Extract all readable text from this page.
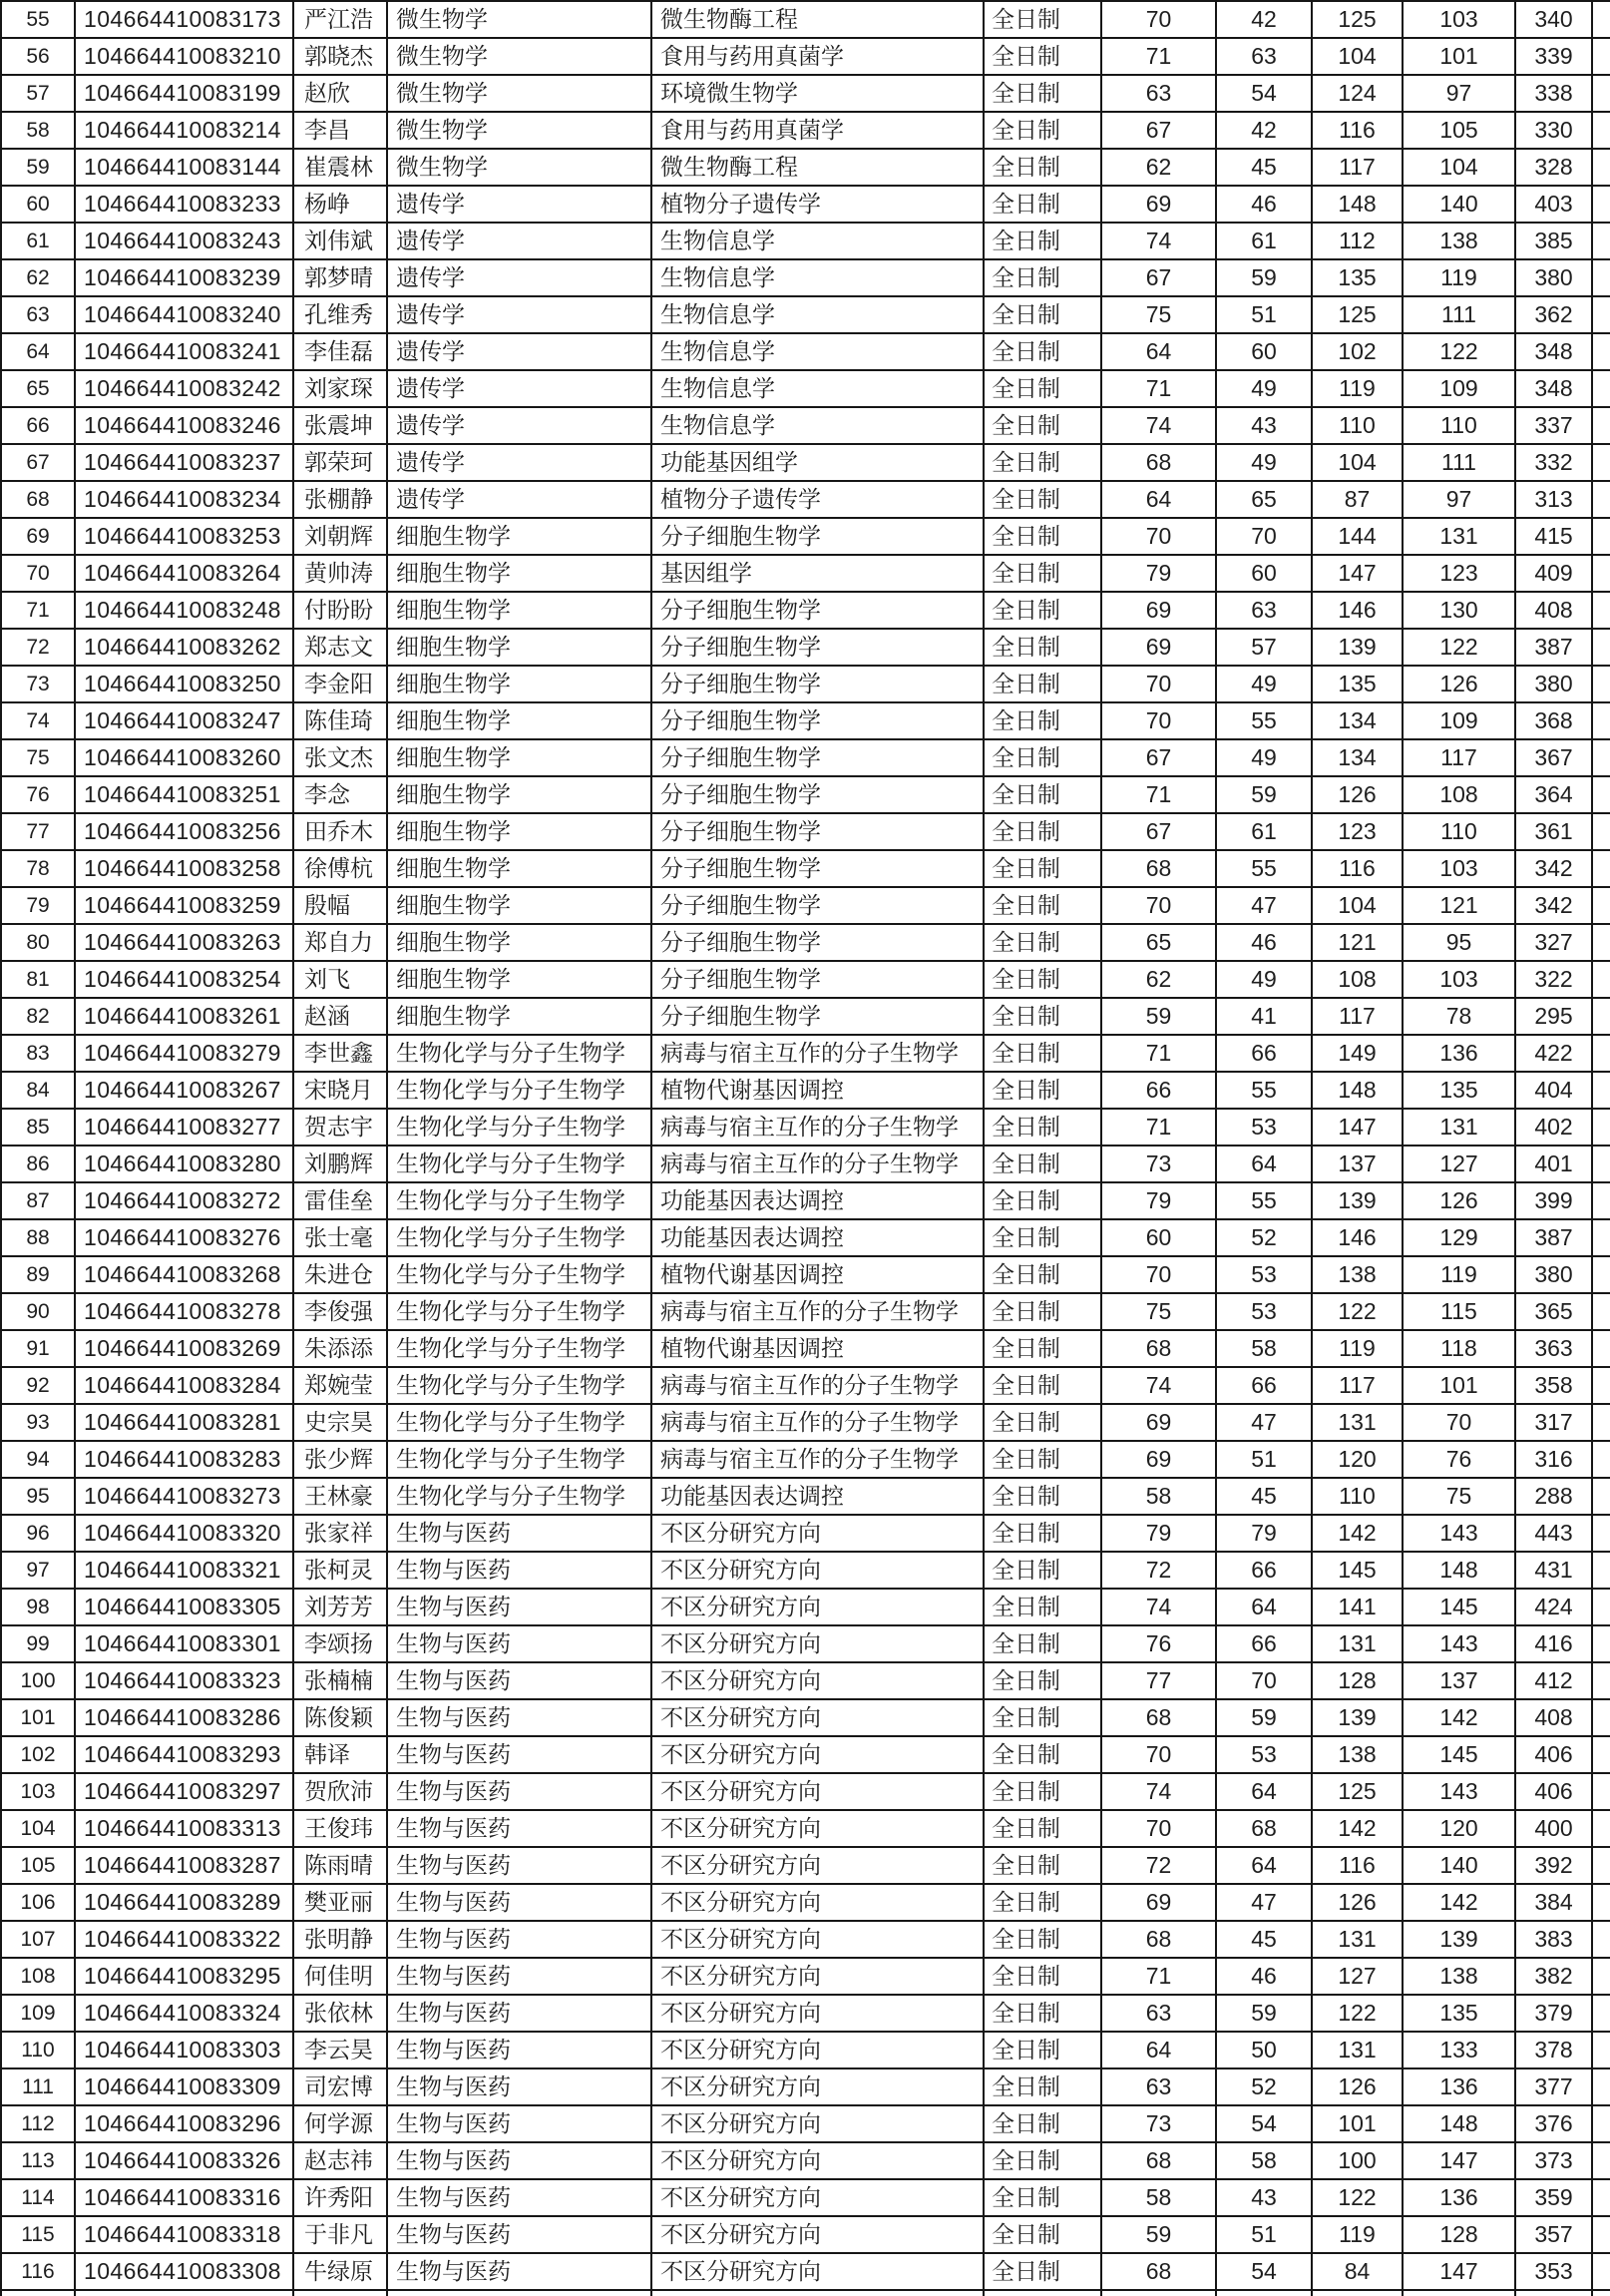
55	104664410083173	严江浩	微生物学	微生物酶工程	全日制	70	42	125	103	340	
56	104664410083210	郭晓杰	微生物学	食用与药用真菌学	全日制	71	63	104	101	339	
57	104664410083199	赵欣	微生物学	环境微生物学	全日制	63	54	124	97	338	
58	104664410083214	李昌	微生物学	食用与药用真菌学	全日制	67	42	116	105	330	
59	104664410083144	崔震林	微生物学	微生物酶工程	全日制	62	45	117	104	328	
60	104664410083233	杨峥	遗传学	植物分子遗传学	全日制	69	46	148	140	403	
61	104664410083243	刘伟斌	遗传学	生物信息学	全日制	74	61	112	138	385	
62	104664410083239	郭梦晴	遗传学	生物信息学	全日制	67	59	135	119	380	
63	104664410083240	孔维秀	遗传学	生物信息学	全日制	75	51	125	111	362	
64	104664410083241	李佳磊	遗传学	生物信息学	全日制	64	60	102	122	348	
65	104664410083242	刘家琛	遗传学	生物信息学	全日制	71	49	119	109	348	
66	104664410083246	张震坤	遗传学	生物信息学	全日制	74	43	110	110	337	
67	104664410083237	郭荣珂	遗传学	功能基因组学	全日制	68	49	104	111	332	
68	104664410083234	张棚静	遗传学	植物分子遗传学	全日制	64	65	87	97	313	
69	104664410083253	刘朝辉	细胞生物学	分子细胞生物学	全日制	70	70	144	131	415	
70	104664410083264	黄帅涛	细胞生物学	基因组学	全日制	79	60	147	123	409	
71	104664410083248	付盼盼	细胞生物学	分子细胞生物学	全日制	69	63	146	130	408	
72	104664410083262	郑志文	细胞生物学	分子细胞生物学	全日制	69	57	139	122	387	
73	104664410083250	李金阳	细胞生物学	分子细胞生物学	全日制	70	49	135	126	380	
74	104664410083247	陈佳琦	细胞生物学	分子细胞生物学	全日制	70	55	134	109	368	
75	104664410083260	张文杰	细胞生物学	分子细胞生物学	全日制	67	49	134	117	367	
76	104664410083251	李念	细胞生物学	分子细胞生物学	全日制	71	59	126	108	364	
77	104664410083256	田乔木	细胞生物学	分子细胞生物学	全日制	67	61	123	110	361	
78	104664410083258	徐傅杭	细胞生物学	分子细胞生物学	全日制	68	55	116	103	342	
79	104664410083259	殷幅	细胞生物学	分子细胞生物学	全日制	70	47	104	121	342	
80	104664410083263	郑自力	细胞生物学	分子细胞生物学	全日制	65	46	121	95	327	
81	104664410083254	刘飞	细胞生物学	分子细胞生物学	全日制	62	49	108	103	322	
82	104664410083261	赵涵	细胞生物学	分子细胞生物学	全日制	59	41	117	78	295	
83	104664410083279	李世鑫	生物化学与分子生物学	病毒与宿主互作的分子生物学	全日制	71	66	149	136	422	
84	104664410083267	宋晓月	生物化学与分子生物学	植物代谢基因调控	全日制	66	55	148	135	404	
85	104664410083277	贺志宇	生物化学与分子生物学	病毒与宿主互作的分子生物学	全日制	71	53	147	131	402	
86	104664410083280	刘鹏辉	生物化学与分子生物学	病毒与宿主互作的分子生物学	全日制	73	64	137	127	401	
87	104664410083272	雷佳垒	生物化学与分子生物学	功能基因表达调控	全日制	79	55	139	126	399	
88	104664410083276	张士毫	生物化学与分子生物学	功能基因表达调控	全日制	60	52	146	129	387	
89	104664410083268	朱进仓	生物化学与分子生物学	植物代谢基因调控	全日制	70	53	138	119	380	
90	104664410083278	李俊强	生物化学与分子生物学	病毒与宿主互作的分子生物学	全日制	75	53	122	115	365	
91	104664410083269	朱添添	生物化学与分子生物学	植物代谢基因调控	全日制	68	58	119	118	363	
92	104664410083284	郑婉莹	生物化学与分子生物学	病毒与宿主互作的分子生物学	全日制	74	66	117	101	358	
93	104664410083281	史宗昊	生物化学与分子生物学	病毒与宿主互作的分子生物学	全日制	69	47	131	70	317	
94	104664410083283	张少辉	生物化学与分子生物学	病毒与宿主互作的分子生物学	全日制	69	51	120	76	316	
95	104664410083273	王林豪	生物化学与分子生物学	功能基因表达调控	全日制	58	45	110	75	288	
96	104664410083320	张家祥	生物与医药	不区分研究方向	全日制	79	79	142	143	443	
97	104664410083321	张柯灵	生物与医药	不区分研究方向	全日制	72	66	145	148	431	
98	104664410083305	刘芳芳	生物与医药	不区分研究方向	全日制	74	64	141	145	424	
99	104664410083301	李颂扬	生物与医药	不区分研究方向	全日制	76	66	131	143	416	
100	104664410083323	张楠楠	生物与医药	不区分研究方向	全日制	77	70	128	137	412	
101	104664410083286	陈俊颖	生物与医药	不区分研究方向	全日制	68	59	139	142	408	
102	104664410083293	韩译	生物与医药	不区分研究方向	全日制	70	53	138	145	406	
103	104664410083297	贺欣沛	生物与医药	不区分研究方向	全日制	74	64	125	143	406	
104	104664410083313	王俊玮	生物与医药	不区分研究方向	全日制	70	68	142	120	400	
105	104664410083287	陈雨晴	生物与医药	不区分研究方向	全日制	72	64	116	140	392	
106	104664410083289	樊亚丽	生物与医药	不区分研究方向	全日制	69	47	126	142	384	
107	104664410083322	张明静	生物与医药	不区分研究方向	全日制	68	45	131	139	383	
108	104664410083295	何佳明	生物与医药	不区分研究方向	全日制	71	46	127	138	382	
109	104664410083324	张依林	生物与医药	不区分研究方向	全日制	63	59	122	135	379	
110	104664410083303	李云昊	生物与医药	不区分研究方向	全日制	64	50	131	133	378	
111	104664410083309	司宏博	生物与医药	不区分研究方向	全日制	63	52	126	136	377	
112	104664410083296	何学源	生物与医药	不区分研究方向	全日制	73	54	101	148	376	
113	104664410083326	赵志祎	生物与医药	不区分研究方向	全日制	68	58	100	147	373	
114	104664410083316	许秀阳	生物与医药	不区分研究方向	全日制	58	43	122	136	359	
115	104664410083318	于非凡	生物与医药	不区分研究方向	全日制	59	51	119	128	357	
116	104664410083308	牛绿原	生物与医药	不区分研究方向	全日制	68	54	84	147	353	
